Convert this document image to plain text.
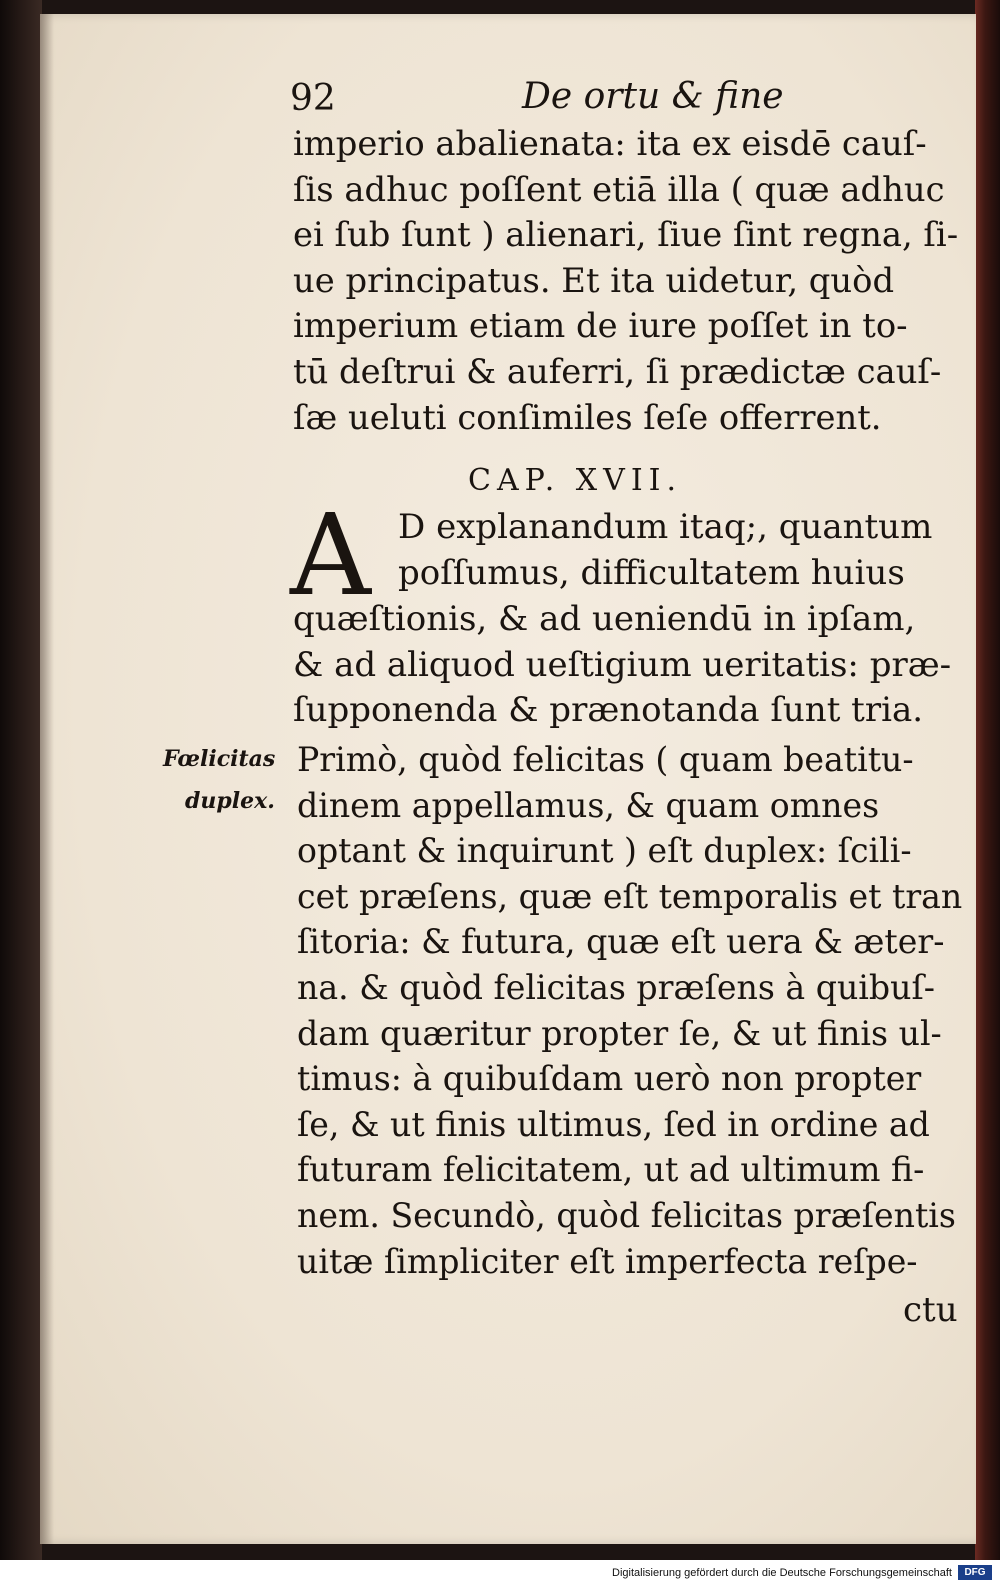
92	De ortu & fine
imperio abalienata: ita ex eisdē cauſ-
ſis adhuc poſſent etiā illa ( quæ adhuc
ei ſub ſunt ) alienari, ſiue ſint regna, ſi-
ue principatus. Et ita uidetur, quòd
imperium etiam de iure poſſet in to-
tū deſtrui & auferri, ſi prædictæ cauſ-
ſæ ueluti conſimiles ſeſe offerrent.
CAP. XVII.
A D explanandum itaq;, quantum
poſſumus, difficultatem huius
quæſtionis, & ad ueniendū in ipſam,
& ad aliquod ueſtigium ueritatis: præ-
ſupponenda & prænotanda ſunt tria.
Fœlicitas
duplex.
Primò, quòd felicitas ( quam beatitu-
dinem appellamus, & quam omnes
optant & inquirunt ) eſt duplex: ſcili-
cet præſens, quæ eſt temporalis et tran
ſitoria: & futura, quæ eſt uera & æter-
na. & quòd felicitas præſens à quibuſ-
dam quæritur propter ſe, & ut finis ul-
timus: à quibuſdam uerò non propter
ſe, & ut finis ultimus, ſed in ordine ad
futuram felicitatem, ut ad ultimum fi-
nem. Secundò, quòd felicitas præſentis
uitæ ſimpliciter eſt imperfecta reſpe-
ctu
Digitalisierung gefördert durch die Deutsche Forschungsgemeinschaft	DFG
